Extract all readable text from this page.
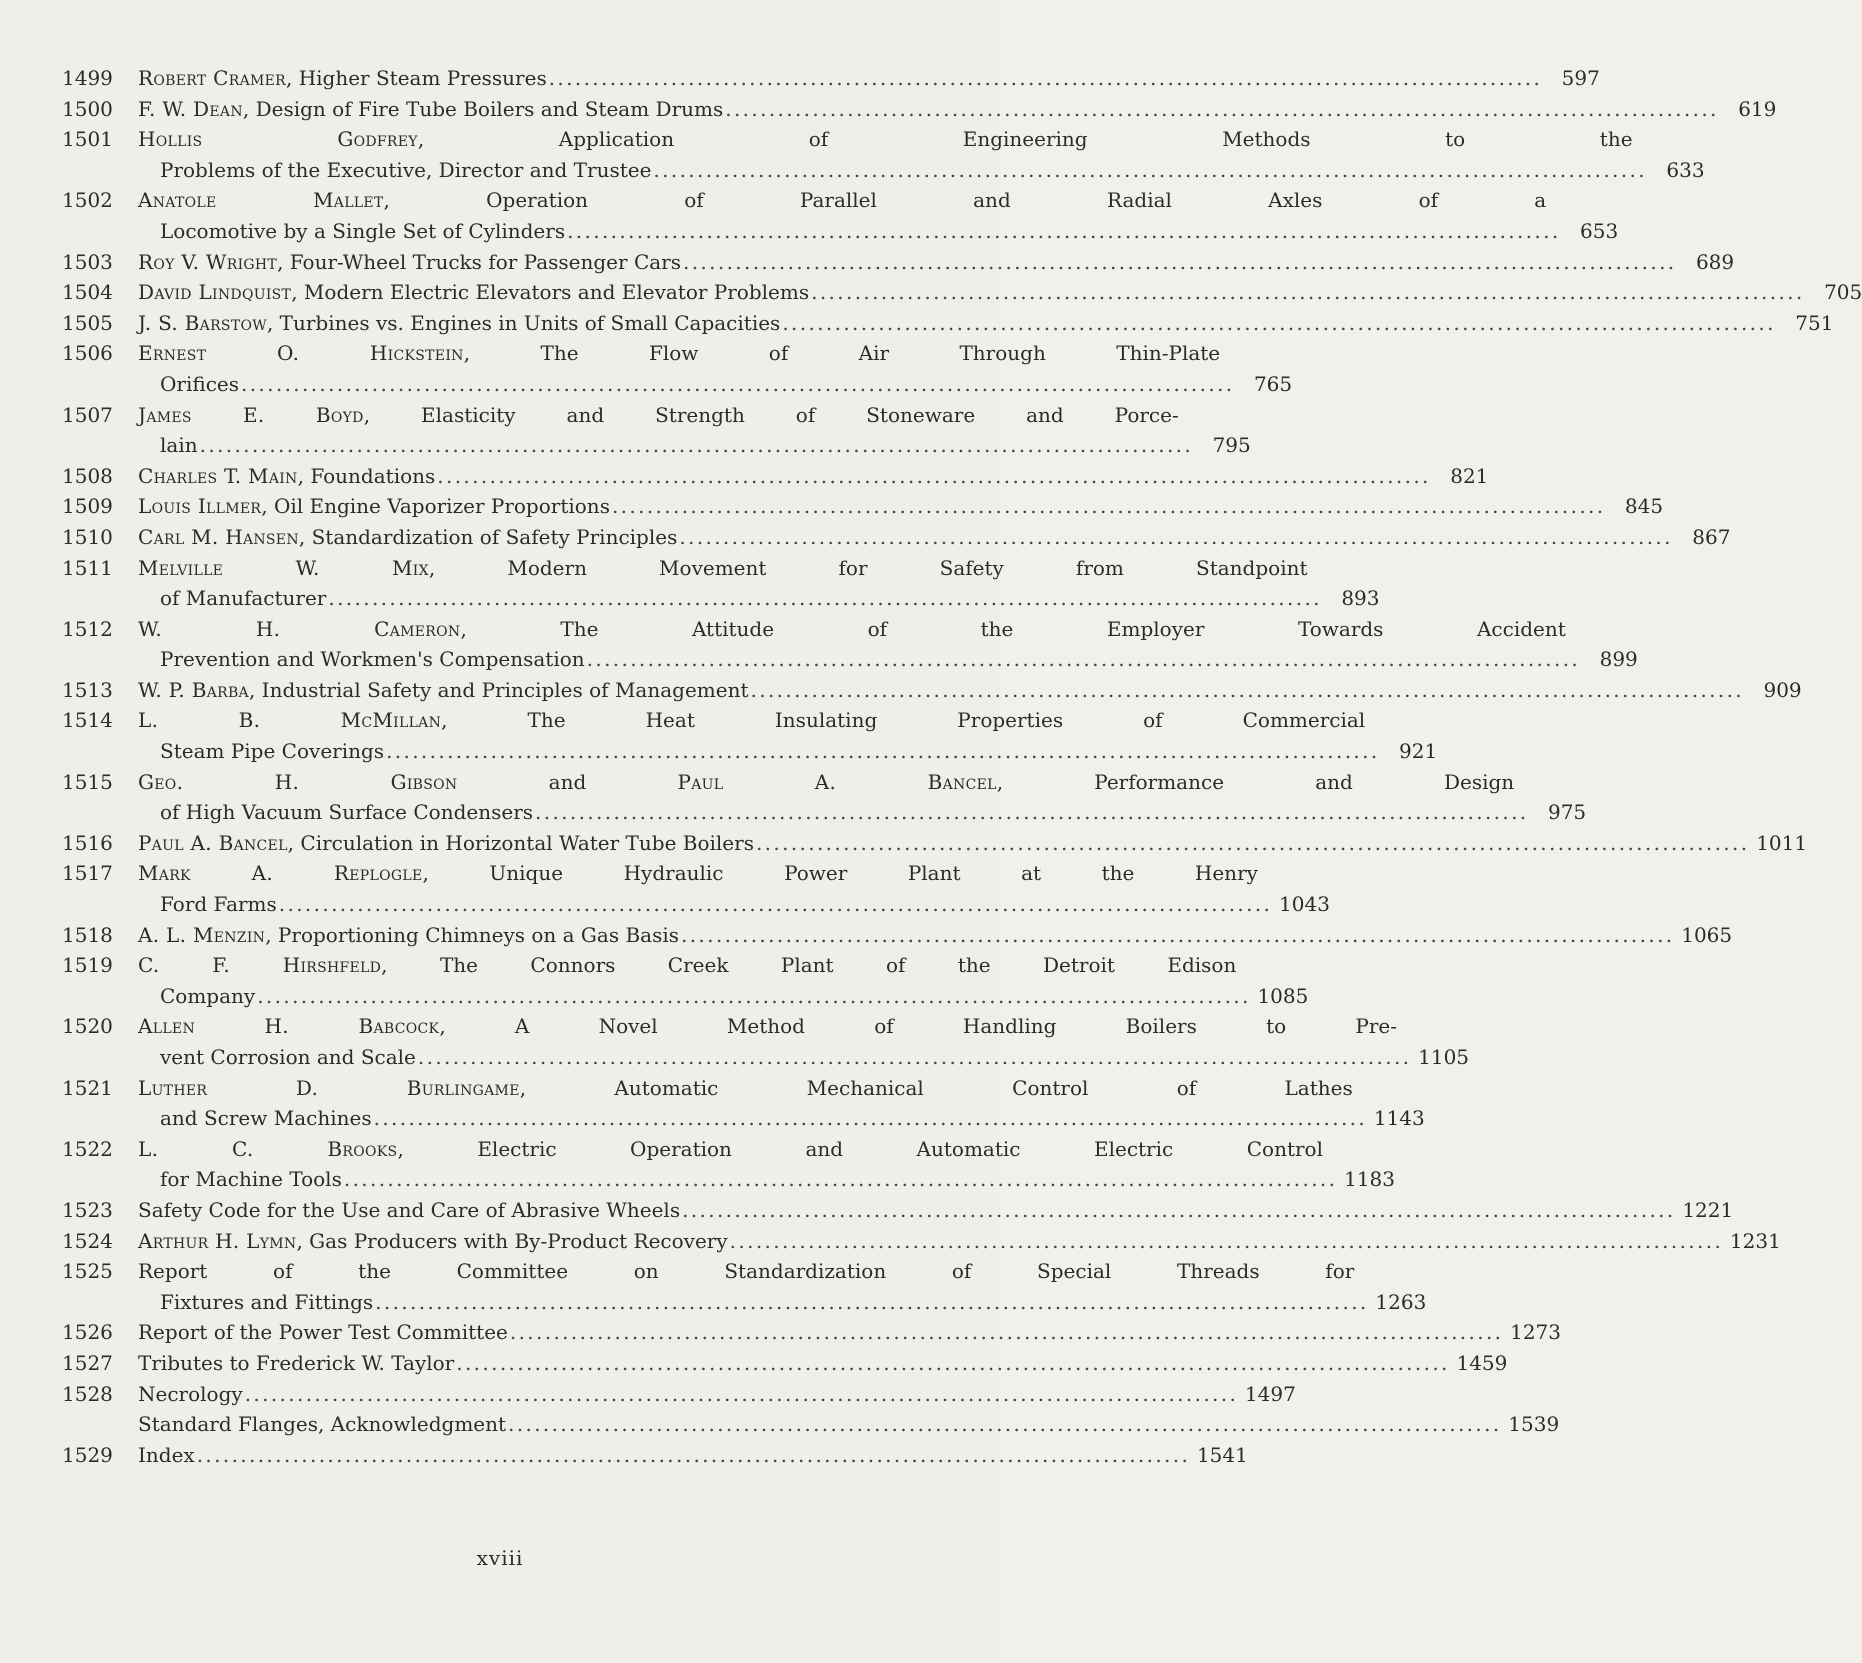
1499	Robert Cramer, Higher Steam Pressures . . .	597
1500	F. W. Dean, Design of Fire Tube Boilers and Steam Drums . . .	619
1501	Hollis Godfrey, Application of Engineering Methods to the
Problems of the Executive, Director and Trustee . . .	633
1502	Anatole Mallet, Operation of Parallel and Radial Axles of a
Locomotive by a Single Set of Cylinders . . .	653
1503	Roy V. Wright, Four-Wheel Trucks for Passenger Cars . . .	689
1504	David Lindquist, Modern Electric Elevators and Elevator Problems . . .	705
1505	J. S. Barstow, Turbines vs. Engines in Units of Small Capacities . . .	751
1506	Ernest O. Hickstein, The Flow of Air Through Thin-Plate
Orifices . . .	765
1507	James E. Boyd, Elasticity and Strength of Stoneware and Porce-
lain . . .	795
1508	Charles T. Main, Foundations . . .	821
1509	Louis Illmer, Oil Engine Vaporizer Proportions . . .	845
1510	Carl M. Hansen, Standardization of Safety Principles . . .	867
1511	Melville W. Mix, Modern Movement for Safety from Standpoint
of Manufacturer . . .	893
1512	W. H. Cameron, The Attitude of the Employer Towards Accident
Prevention and Workmen's Compensation . . .	899
1513	W. P. Barba, Industrial Safety and Principles of Management . . .	909
1514	L. B. McMillan, The Heat Insulating Properties of Commercial
Steam Pipe Coverings . . .	921
1515	Geo. H. Gibson and Paul A. Bancel, Performance and Design
of High Vacuum Surface Condensers . . .	975
1516	Paul A. Bancel, Circulation in Horizontal Water Tube Boilers . . .	1011
1517	Mark A. Replogle, Unique Hydraulic Power Plant at the Henry
Ford Farms . . .	1043
1518	A. L. Menzin, Proportioning Chimneys on a Gas Basis . . .	1065
1519	C. F. Hirshfeld, The Connors Creek Plant of the Detroit Edison
Company . . .	1085
1520	Allen H. Babcock, A Novel Method of Handling Boilers to Pre-
vent Corrosion and Scale . . .	1105
1521	Luther D. Burlingame, Automatic Mechanical Control of Lathes
and Screw Machines . . .	1143
1522	L. C. Brooks, Electric Operation and Automatic Electric Control
for Machine Tools . . .	1183
1523	Safety Code for the Use and Care of Abrasive Wheels . . .	1221
1524	Arthur H. Lymn, Gas Producers with By-Product Recovery . . .	1231
1525	Report of the Committee on Standardization of Special Threads for
Fixtures and Fittings . . .	1263
1526	Report of the Power Test Committee . . .	1273
1527	Tributes to Frederick W. Taylor . . .	1459
1528	Necrology . . .	1497
Standard Flanges, Acknowledgment . . .	1539
1529	Index . . .	1541
xviii
